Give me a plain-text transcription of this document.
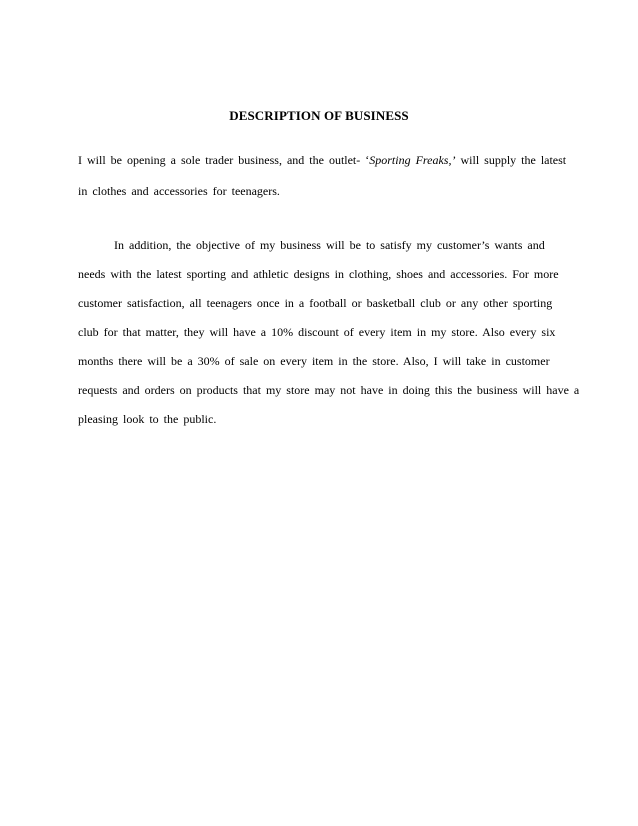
DESCRIPTION OF BUSINESS
I will be opening a sole trader business, and the outlet- ‘Sporting Freaks,’ will supply the latest
in clothes and accessories for teenagers.
In addition, the objective of my business will be to satisfy my customer’s wants and
needs with the latest sporting and athletic designs in clothing, shoes and accessories. For more
customer satisfaction, all teenagers once in a football or basketball club or any other sporting
club for that matter, they will have a 10% discount of every item in my store. Also every six
months there will be a 30% of sale on every item in the store. Also, I will take in customer
requests and orders on products that my store may not have in doing this the business will have a
pleasing look to the public.
